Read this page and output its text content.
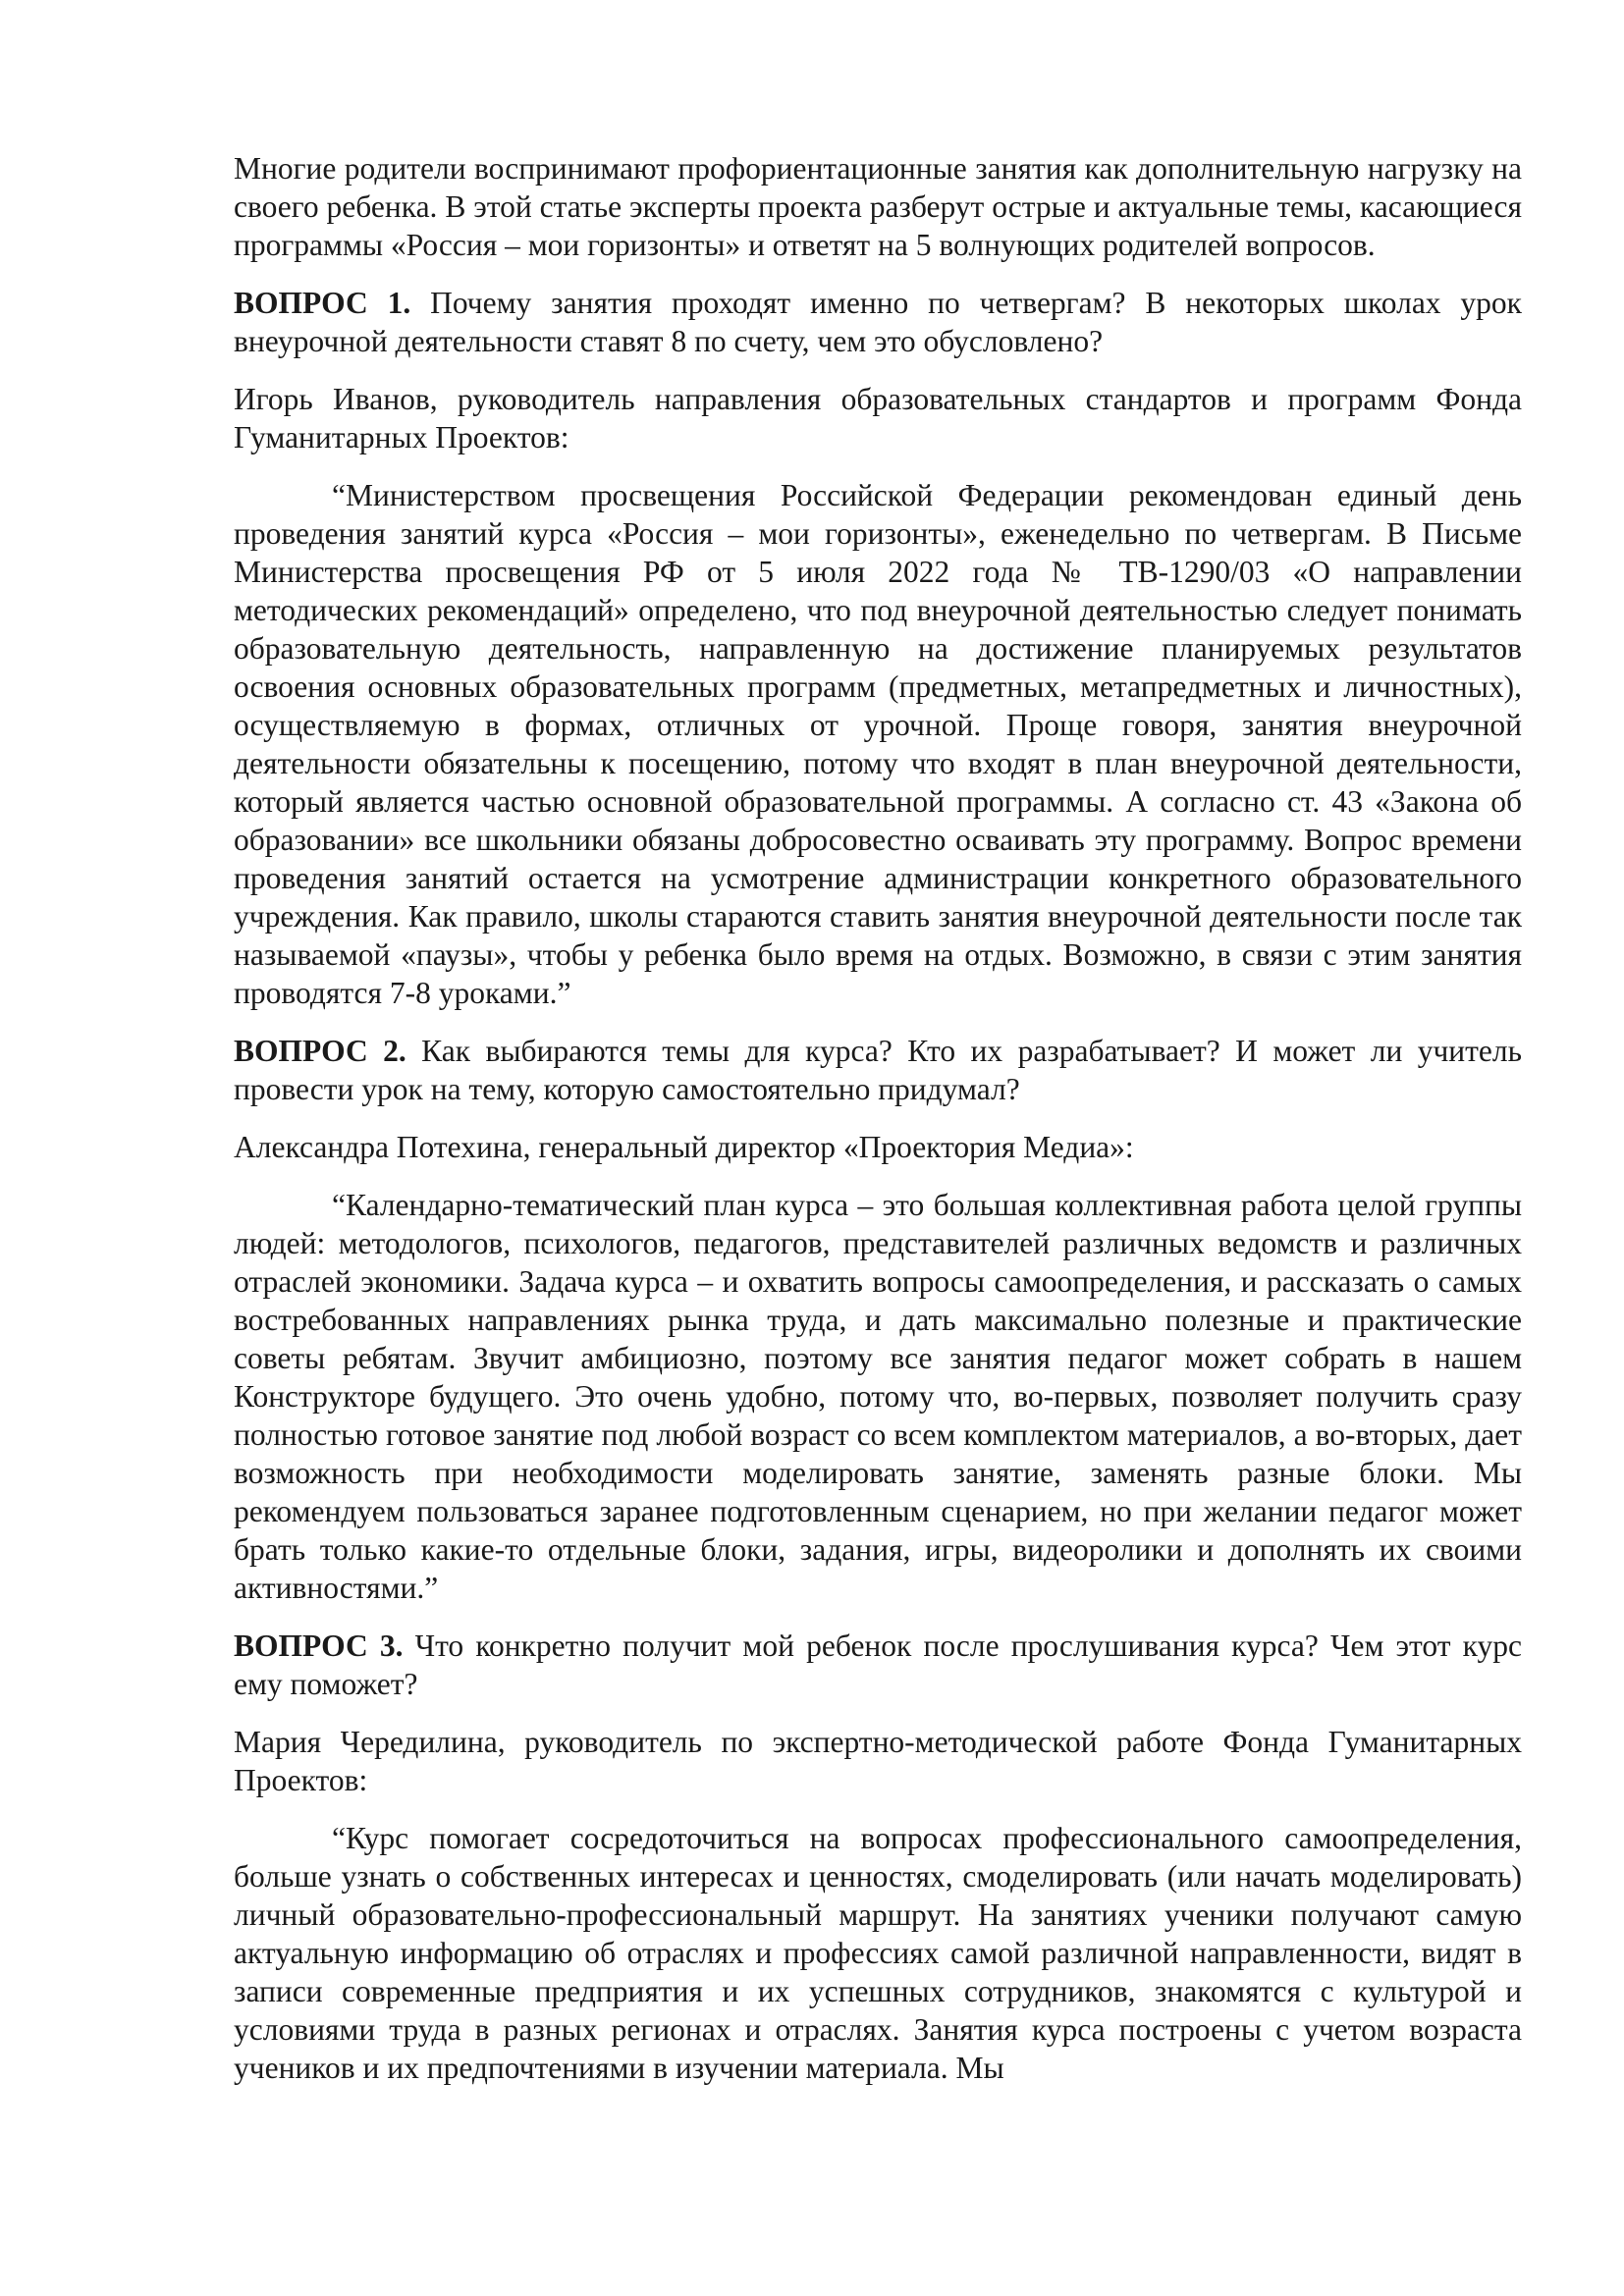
Многие родители воспринимают профориентационные занятия как дополнительную нагрузку на своего ребенка. В этой статье эксперты проекта разберут острые и актуальные темы, касающиеся программы «Россия – мои горизонты» и ответят на 5 волнующих родителей вопросов.

ВОПРОС 1. Почему занятия проходят именно по четвергам? В некоторых школах урок внеурочной деятельности ставят 8 по счету, чем это обусловлено?

Игорь Иванов, руководитель направления образовательных стандартов и программ Фонда Гуманитарных Проектов:

“Министерством просвещения Российской Федерации рекомендован единый день проведения занятий курса «Россия – мои горизонты», еженедельно по четвергам. В Письме Министерства просвещения РФ от 5 июля 2022 года № ТВ-1290/03 «О направлении методических рекомендаций» определено, что под внеурочной деятельностью следует понимать образовательную деятельность, направленную на достижение планируемых результатов освоения основных образовательных программ (предметных, метапредметных и личностных), осуществляемую в формах, отличных от урочной. Проще говоря, занятия внеурочной деятельности обязательны к посещению, потому что входят в план внеурочной деятельности, который является частью основной образовательной программы. А согласно ст. 43 «Закона об образовании» все школьники обязаны добросовестно осваивать эту программу. Вопрос времени проведения занятий остается на усмотрение администрации конкретного образовательного учреждения. Как правило, школы стараются ставить занятия внеурочной деятельности после так называемой «паузы», чтобы у ребенка было время на отдых. Возможно, в связи с этим занятия проводятся 7-8 уроками.”

ВОПРОС 2. Как выбираются темы для курса? Кто их разрабатывает? И может ли учитель провести урок на тему, которую самостоятельно придумал?

Александра Потехина, генеральный директор «Проектория Медиа»:

“Календарно-тематический план курса – это большая коллективная работа целой группы людей: методологов, психологов, педагогов, представителей различных ведомств и различных отраслей экономики. Задача курса – и охватить вопросы самоопределения, и рассказать о самых востребованных направлениях рынка труда, и дать максимально полезные и практические советы ребятам. Звучит амбициозно, поэтому все занятия педагог может собрать в нашем Конструкторе будущего. Это очень удобно, потому что, во-первых, позволяет получить сразу полностью готовое занятие под любой возраст со всем комплектом материалов, а во-вторых, дает возможность при необходимости моделировать занятие, заменять разные блоки. Мы рекомендуем пользоваться заранее подготовленным сценарием, но при желании педагог может брать только какие-то отдельные блоки, задания, игры, видеоролики и дополнять их своими активностями.”

ВОПРОС 3. Что конкретно получит мой ребенок после прослушивания курса? Чем этот курс ему поможет?

Мария Чередилина, руководитель по экспертно-методической работе Фонда Гуманитарных Проектов:

“Курс помогает сосредоточиться на вопросах профессионального самоопределения, больше узнать о собственных интересах и ценностях, смоделировать (или начать моделировать) личный образовательно-профессиональный маршрут. На занятиях ученики получают самую актуальную информацию об отраслях и профессиях самой различной направленности, видят в записи современные предприятия и их успешных сотрудников, знакомятся с культурой и условиями труда в разных регионах и отраслях. Занятия курса построены с учетом возраста учеников и их предпочтениями в изучении материала. Мы
